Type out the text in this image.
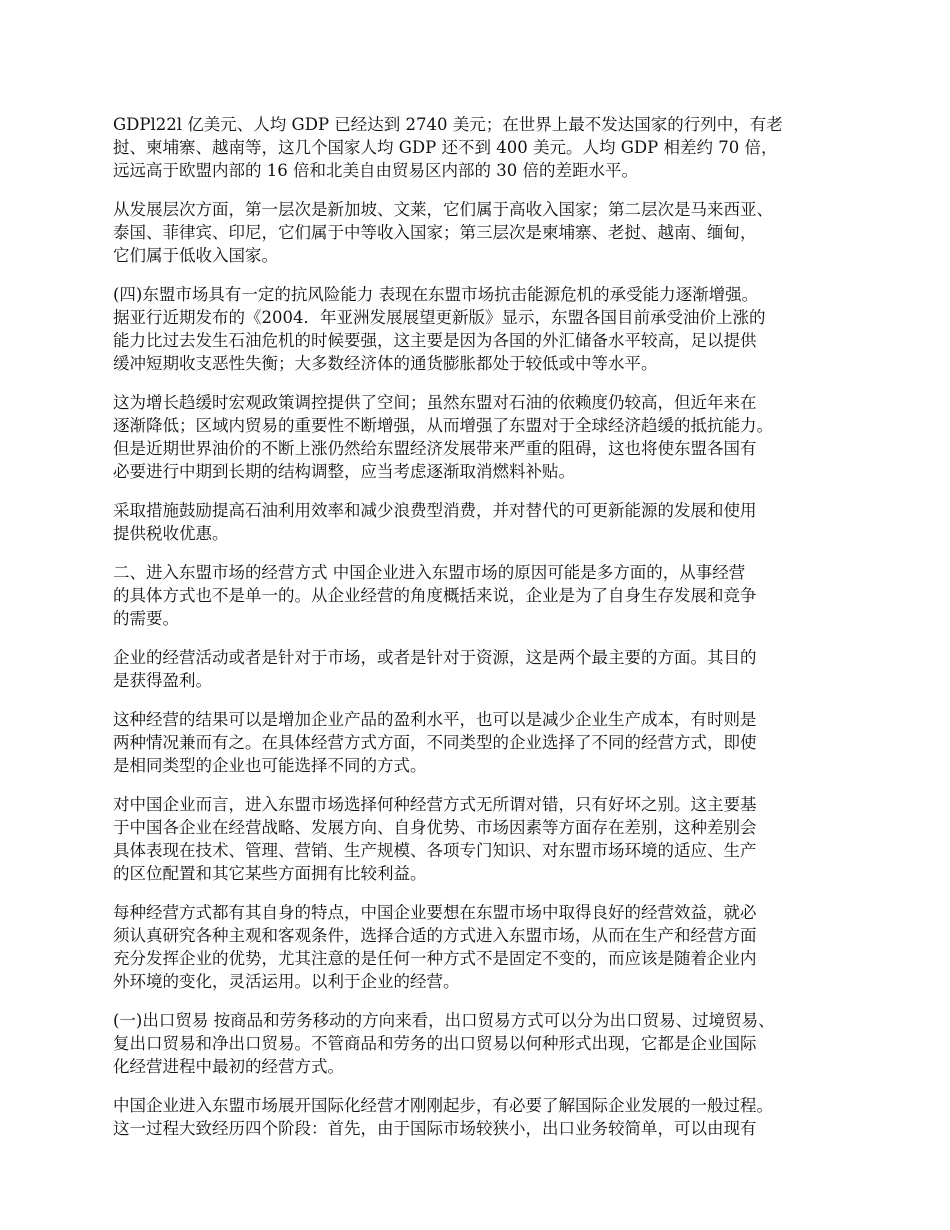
GDPl22l 亿美元、人均 GDP 已经达到 2740 美元；在世界上最不发达国家的行列中，有老
挝、柬埔寨、越南等，这几个国家人均 GDP 还不到 400 美元。人均 GDP 相差约 70 倍，
远远高于欧盟内部的 16 倍和北美自由贸易区内部的 30 倍的差距水平。

从发展层次方面，第一层次是新加坡、文莱，它们属于高收入国家；第二层次是马来西亚、
泰国、菲律宾、印尼，它们属于中等收入国家；第三层次是柬埔寨、老挝、越南、缅甸，
它们属于低收入国家。

(四)东盟市场具有一定的抗风险能力 表现在东盟市场抗击能源危机的承受能力逐渐增强。
据亚行近期发布的《2004．年亚洲发展展望更新版》显示，东盟各国目前承受油价上涨的
能力比过去发生石油危机的时候要强，这主要是因为各国的外汇储备水平较高，足以提供
缓冲短期收支恶性失衡；大多数经济体的通货膨胀都处于较低或中等水平。

这为增长趋缓时宏观政策调控提供了空间；虽然东盟对石油的依赖度仍较高，但近年来在
逐渐降低；区域内贸易的重要性不断增强，从而增强了东盟对于全球经济趋缓的抵抗能力。
但是近期世界油价的不断上涨仍然给东盟经济发展带来严重的阻碍，这也将使东盟各国有
必要进行中期到长期的结构调整，应当考虑逐渐取消燃料补贴。

采取措施鼓励提高石油利用效率和减少浪费型消费，并对替代的可更新能源的发展和使用
提供税收优惠。

二、进入东盟市场的经营方式 中国企业进入东盟市场的原因可能是多方面的，从事经营
的具体方式也不是单一的。从企业经营的角度概括来说，企业是为了自身生存发展和竞争
的需要。

企业的经营活动或者是针对于市场，或者是针对于资源，这是两个最主要的方面。其目的
是获得盈利。

这种经营的结果可以是增加企业产品的盈利水平，也可以是减少企业生产成本，有时则是
两种情况兼而有之。在具体经营方式方面，不同类型的企业选择了不同的经营方式，即使
是相同类型的企业也可能选择不同的方式。

对中国企业而言，进入东盟市场选择何种经营方式无所谓对错，只有好坏之别。这主要基
于中国各企业在经营战略、发展方向、自身优势、市场因素等方面存在差别，这种差别会
具体表现在技术、管理、营销、生产规模、各项专门知识、对东盟市场环境的适应、生产
的区位配置和其它某些方面拥有比较利益。

每种经营方式都有其自身的特点，中国企业要想在东盟市场中取得良好的经营效益，就必
须认真研究各种主观和客观条件，选择合适的方式进入东盟市场，从而在生产和经营方面
充分发挥企业的优势，尤其注意的是任何一种方式不是固定不变的，而应该是随着企业内
外环境的变化，灵活运用。以利于企业的经营。

(一)出口贸易 按商品和劳务移动的方向来看，出口贸易方式可以分为出口贸易、过境贸易、
复出口贸易和净出口贸易。不管商品和劳务的出口贸易以何种形式出现，它都是企业国际
化经营进程中最初的经营方式。

中国企业进入东盟市场展开国际化经营才刚刚起步，有必要了解国际企业发展的一般过程。
这一过程大致经历四个阶段：首先，由于国际市场较狭小，出口业务较简单，可以由现有
